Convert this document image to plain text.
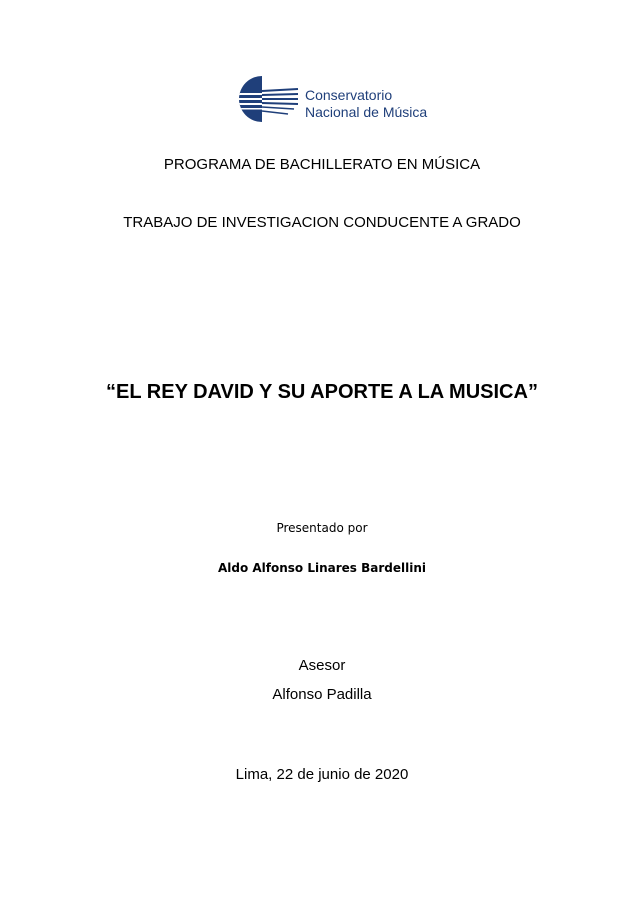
Conservatorio
Nacional de Música
PROGRAMA DE BACHILLERATO EN MÚSICA
TRABAJO DE INVESTIGACION CONDUCENTE A GRADO
“EL REY DAVID Y SU APORTE A LA MUSICA”
Presentado por
Aldo Alfonso Linares Bardellini
Asesor
Alfonso Padilla
Lima, 22 de junio de 2020
